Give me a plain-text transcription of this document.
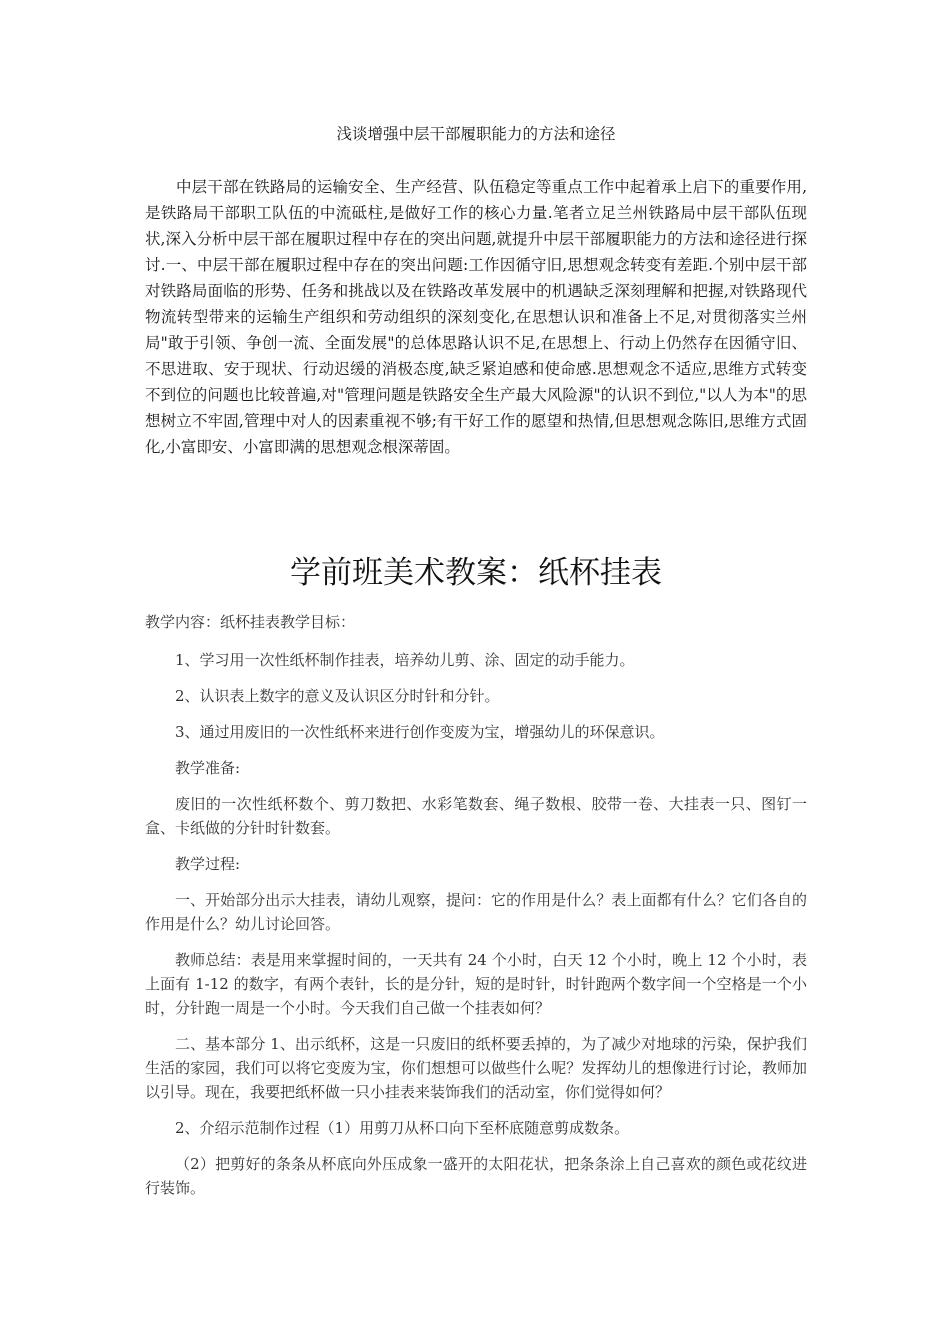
浅谈增强中层干部履职能力的方法和途径
中层干部在铁路局的运输安全、生产经营、队伍稳定等重点工作中起着承上启下的重要作用,是铁路局干部职工队伍的中流砥柱,是做好工作的核心力量.笔者立足兰州铁路局中层干部队伍现状,深入分析中层干部在履职过程中存在的突出问题,就提升中层干部履职能力的方法和途径进行探讨.一、中层干部在履职过程中存在的突出问题:工作因循守旧,思想观念转变有差距.个别中层干部对铁路局面临的形势、任务和挑战以及在铁路改革发展中的机遇缺乏深刻理解和把握,对铁路现代物流转型带来的运输生产组织和劳动组织的深刻变化,在思想认识和准备上不足,对贯彻落实兰州局"敢于引领、争创一流、全面发展"的总体思路认识不足,在思想上、行动上仍然存在因循守旧、不思进取、安于现状、行动迟缓的消极态度,缺乏紧迫感和使命感.思想观念不适应,思维方式转变不到位的问题也比较普遍,对"管理问题是铁路安全生产最大风险源"的认识不到位,"以人为本"的思想树立不牢固,管理中对人的因素重视不够;有干好工作的愿望和热情,但思想观念陈旧,思维方式固化,小富即安、小富即满的思想观念根深蒂固。
学前班美术教案：纸杯挂表

教学内容：纸杯挂表教学目标：

1、学习用一次性纸杯制作挂表，培养幼儿剪、涂、固定的动手能力。

2、认识表上数字的意义及认识区分时针和分针。

3、通过用废旧的一次性纸杯来进行创作变废为宝，增强幼儿的环保意识。

教学准备:

废旧的一次性纸杯数个、剪刀数把、水彩笔数套、绳子数根、胶带一卷、大挂表一只、图钉一盒、卡纸做的分针时针数套。

教学过程:

一、开始部分出示大挂表，请幼儿观察，提问：它的作用是什么？表上面都有什么？它们各自的作用是什么？幼儿讨论回答。

教师总结：表是用来掌握时间的，一天共有 24 个小时，白天 12 个小时，晚上 12 个小时，表上面有 1-12 的数字，有两个表针，长的是分针，短的是时针，时针跑两个数字间一个空格是一个小时，分针跑一周是一个小时。今天我们自己做一个挂表如何？

二、基本部分 1、出示纸杯，这是一只废旧的纸杯要丢掉的，为了减少对地球的污染，保护我们生活的家园，我们可以将它变废为宝，你们想想可以做些什么呢？发挥幼儿的想像进行讨论，教师加以引导。现在，我要把纸杯做一只小挂表来装饰我们的活动室，你们觉得如何？

2、介绍示范制作过程（1）用剪刀从杯口向下至杯底随意剪成数条。

（2）把剪好的条条从杯底向外压成象一盛开的太阳花状，把条条涂上自己喜欢的颜色或花纹进行装饰。
